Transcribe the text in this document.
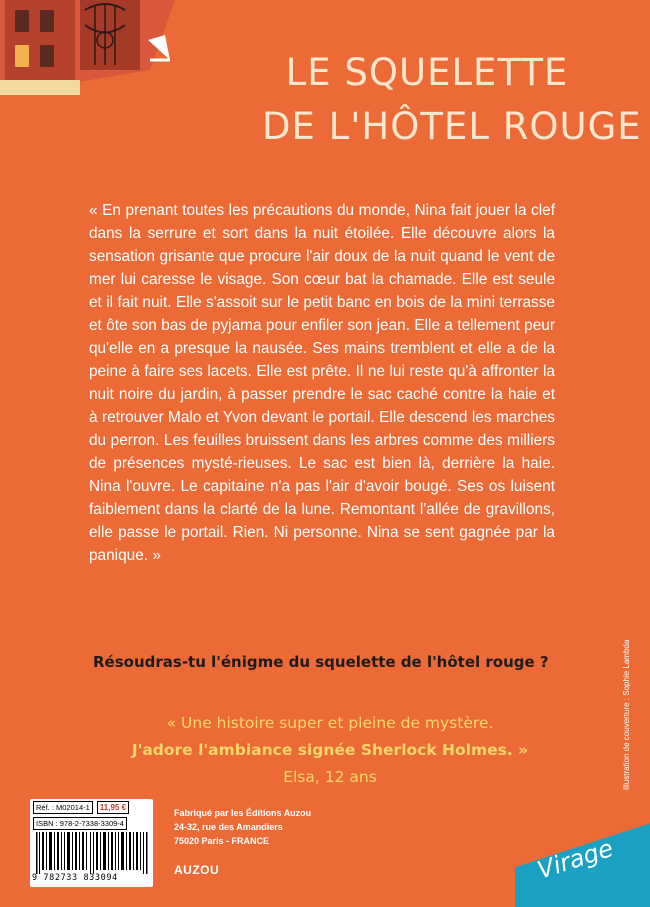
LE SQUELETTE
DE L'HÔTEL ROUGE

« En prenant toutes les précautions du monde, Nina fait jouer la clef dans la serrure et sort dans la nuit étoilée. Elle découvre alors la sensation grisante que procure l'air doux de la nuit quand le vent de mer lui caresse le visage. Son cœur bat la chamade. Elle est seule et il fait nuit. Elle s'assoit sur le petit banc en bois de la mini terrasse et ôte son bas de pyjama pour enfiler son jean. Elle a tellement peur qu'elle en a presque la nausée. Ses mains tremblent et elle a de la peine à faire ses lacets. Elle est prête. Il ne lui reste qu'à affronter la nuit noire du jardin, à passer prendre le sac caché contre la haie et à retrouver Malo et Yvon devant le portail. Elle descend les marches du perron. Les feuilles bruissent dans les arbres comme des milliers de présences mysté-rieuses. Le sac est bien là, derrière la haie. Nina l'ouvre. Le capitaine n'a pas l'air d'avoir bougé. Ses os luisent faiblement dans la clarté de la lune. Remontant l'allée de gravillons, elle passe le portail. Rien. Ni personne. Nina se sent gagnée par la panique. »

Résoudras-tu l'énigme du squelette de l'hôtel rouge ?
« Une histoire super et pleine de mystère.
J'adore l'ambiance signée Sherlock Holmes. »
Elsa, 12 ans	Illustration de couverture : Sophie Lambda
Réf. : M02014-1 11,95 €
ISBN : 978-2-7338-3309-4
9 782733 833094
Fabriqué par les Éditions Auzou
24-32, rue des Amandiers
75020 Paris - FRANCE
AUZOU	Virage
